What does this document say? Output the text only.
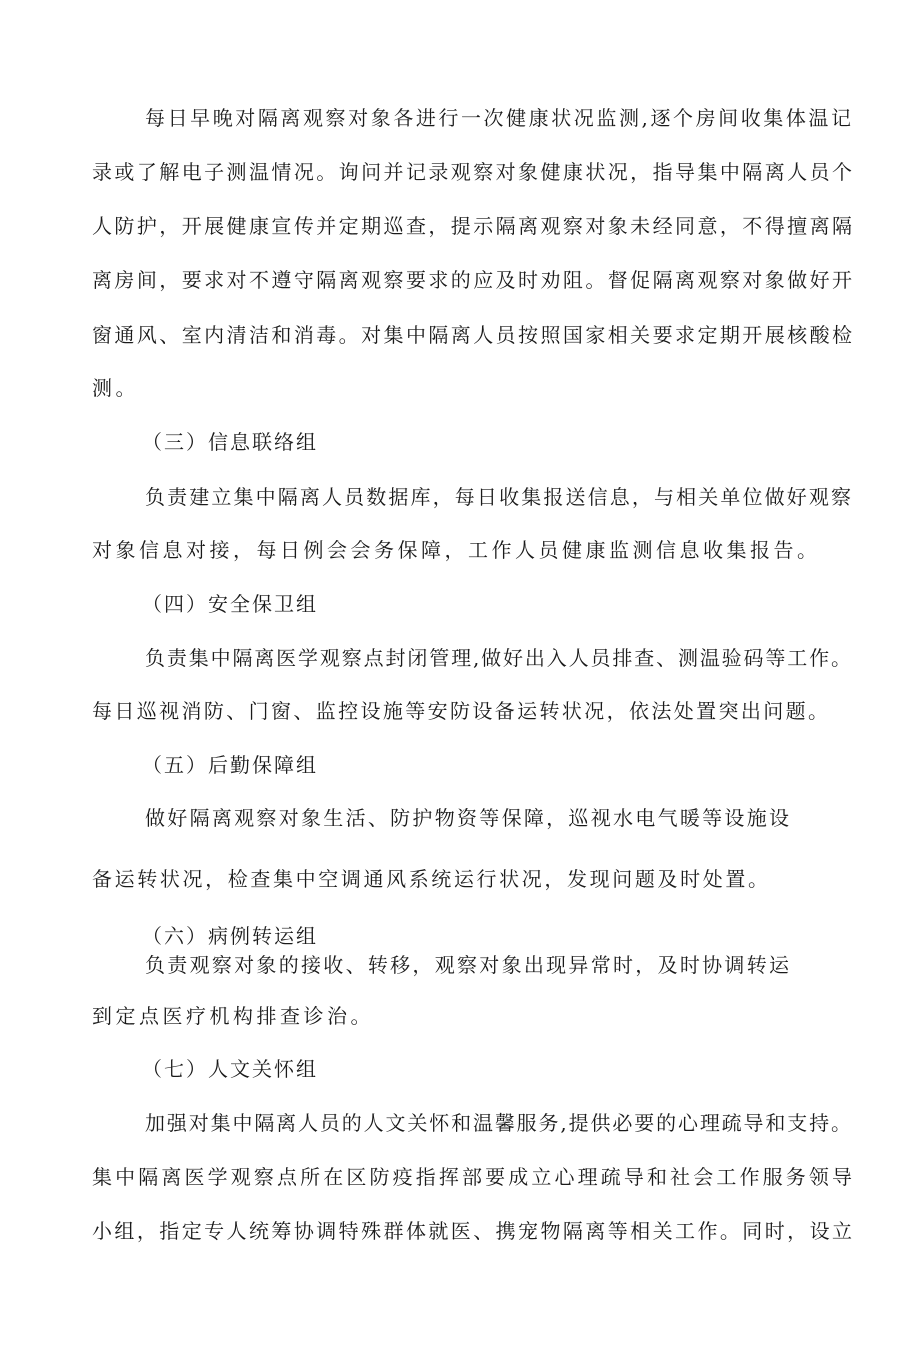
每日早晚对隔离观察对象各进行一次健康状况监测,逐个房间收集体温记
录或了解电子测温情况。询问并记录观察对象健康状况，指导集中隔离人员个
人防护，开展健康宣传并定期巡查，提示隔离观察对象未经同意，不得擅离隔
离房间，要求对不遵守隔离观察要求的应及时劝阻。督促隔离观察对象做好开
窗通风、室内清洁和消毒。对集中隔离人员按照国家相关要求定期开展核酸检
测。
（三）信息联络组
负责建立集中隔离人员数据库，每日收集报送信息，与相关单位做好观察
对象信息对接，每日例会会务保障，工作人员健康监测信息收集报告。
（四）安全保卫组
负责集中隔离医学观察点封闭管理,做好出入人员排查、测温验码等工作。
每日巡视消防、门窗、监控设施等安防设备运转状况，依法处置突出问题。
（五）后勤保障组
做好隔离观察对象生活、防护物资等保障，巡视水电气暖等设施设
备运转状况，检查集中空调通风系统运行状况，发现问题及时处置。
（六）病例转运组
负责观察对象的接收、转移，观察对象出现异常时，及时协调转运
到定点医疗机构排查诊治。
（七）人文关怀组
加强对集中隔离人员的人文关怀和温馨服务,提供必要的心理疏导和支持。
集中隔离医学观察点所在区防疫指挥部要成立心理疏导和社会工作服务领导
小组，指定专人统筹协调特殊群体就医、携宠物隔离等相关工作。同时，设立
